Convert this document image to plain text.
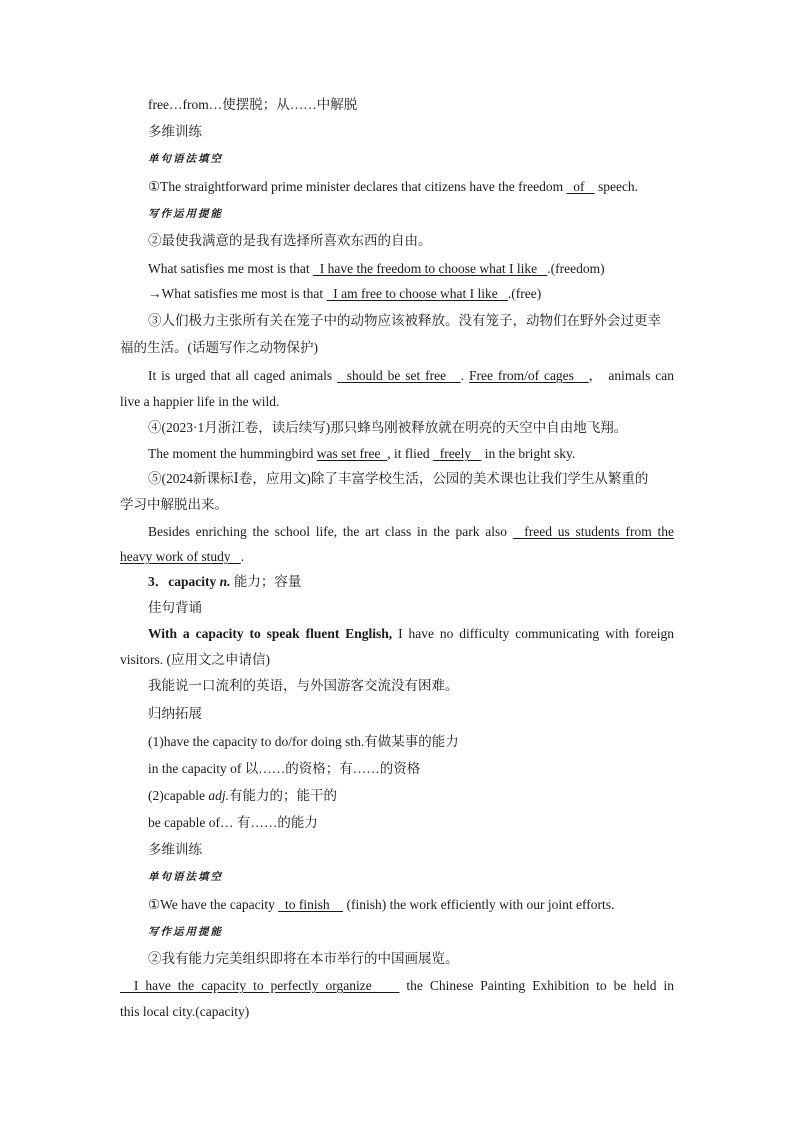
free…from…使摆脱；从……中解脱
多维训练
单句语法填空
①The straightforward prime minister declares that citizens have the freedom   of    speech.
写作运用提能
②最使我满意的是我有选择所喜欢东西的自由。
What satisfies me most is that   I have the freedom to choose what I like   .(freedom)
→What satisfies me most is that   I am free to choose what I like   .(free)
③人们极力主张所有关在笼子中的动物应该被释放。没有笼子，动物们在野外会过更幸
福的生活。(话题写作之动物保护)
It is urged that all caged animals   should be set free   . Free from/of cages   ， animals can
live a happier life in the wild.
④(2023·1月浙江卷，读后续写)那只蜂鸟刚被释放就在明亮的天空中自由地飞翔。
The moment the hummingbird was set free  , it flied   freely    in the bright sky.
⑤(2024新课标Ⅰ卷，应用文)除了丰富学校生活，公园的美术课也让我们学生从繁重的
学习中解脱出来。
Besides enriching the school life, the art class in the park also   freed us students from the
heavy work of study   .
3．capacity n. 能力；容量
佳句背诵
With a capacity to speak fluent English, I have no difficulty communicating with foreign
visitors. (应用文之申请信)
我能说一口流利的英语，与外国游客交流没有困难。
归纳拓展
(1)have the capacity to do/for doing sth.有做某事的能力
in the capacity of 以……的资格；有……的资格
(2)capable adj.有能力的；能干的
be capable of… 有……的能力
多维训练
单句语法填空
①We have the capacity   to finish     (finish) the work efficiently with our joint efforts.
写作运用提能
②我有能力完美组织即将在本市举行的中国画展览。
I have the capacity to perfectly organize     the Chinese Painting Exhibition to be held in
this local city.(capacity)
